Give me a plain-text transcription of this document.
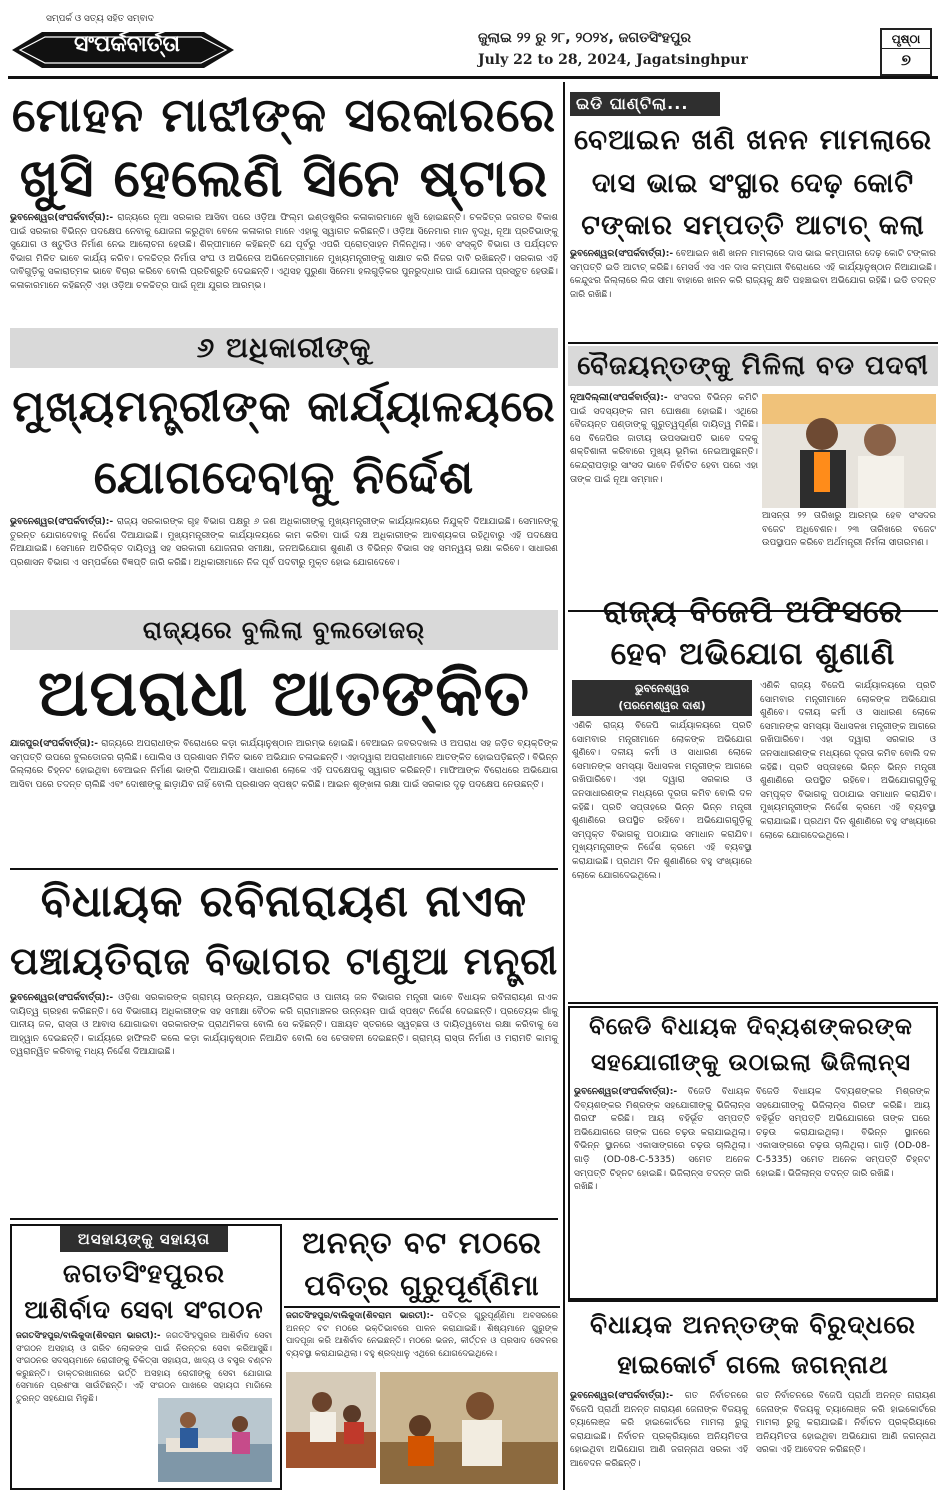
ସମ୍ପର୍କ ଓ ସତ୍ୟ ସହିତ ସମ୍ବାଦ
ସଂପର୍କବାର୍ତ୍ତା	ଜୁଲାଇ ୨୨ ରୁ ୨୮, ୨୦୨୪, ଜଗତସିଂହପୁର
July 22 to 28, 2024, Jagatsinghpur
ପୃଷ୍ଠା
୭
ମୋହନ ମାଝୀଙ୍କ ସରକାରରେ
ଖୁସି ହେଲେଣି ସିନେ ଷ୍ଟାର
ଭୁବନେଶ୍ୱର(ସଂପର୍କବାର୍ତ୍ତା):- ରାଜ୍ୟରେ ନୂଆ ସରକାର ଆସିବା ପରେ ଓଡ଼ିଆ ଫିଲ୍ମ ଇଣ୍ଡଷ୍ଟ୍ରିର କଳାକାରମାନେ ଖୁସି ହୋଇଛନ୍ତି। ଚଳଚ୍ଚିତ୍ର ଜଗତର ବିକାଶ ପାଇଁ ସରକାର ବିଭିନ୍ନ ପଦକ୍ଷେପ ନେବାକୁ ଯୋଜନା କରୁଥିବା ବେଳେ କଳାକାର ମାନେ ଏହାକୁ ସ୍ୱାଗତ କରିଛନ୍ତି। ଓଡ଼ିଆ ସିନେମାର ମାନ ବୃଦ୍ଧି, ନୂଆ ପ୍ରତିଭାଙ୍କୁ ସୁଯୋଗ ଓ ଷ୍ଟୁଡିଓ ନିର୍ମାଣ ନେଇ ଆଲୋଚନା ହେଉଛି। ଶିଳ୍ପୀମାନେ କହିଛନ୍ତି ଯେ ପୂର୍ବରୁ ଏପରି ପ୍ରୋତ୍ସାହନ ମିଳିନଥିଲା। ଏବେ ସଂସ୍କୃତି ବିଭାଗ ଓ ପର୍ଯ୍ୟଟନ ବିଭାଗ ମିଳିତ ଭାବେ କାର୍ଯ୍ୟ କରିବ। ଚଳଚ୍ଚିତ୍ର ନିର୍ମାତା ସଂଘ ଓ ଅଭିନେତା ଅଭିନେତ୍ରୀମାନେ ମୁଖ୍ୟମନ୍ତ୍ରୀଙ୍କୁ ସାକ୍ଷାତ କରି ନିଜର ଦାବି ରଖିଛନ୍ତି। ସରକାର ଏହି ଦାବିଗୁଡ଼ିକୁ ସକାରାତ୍ମକ ଭାବେ ବିଚାର କରିବେ ବୋଲି ପ୍ରତିଶ୍ରୁତି ଦେଇଛନ୍ତି। ଏଥିସହ ପୁରୁଣା ସିନେମା ହଲଗୁଡ଼ିକର ପୁନରୁଦ୍ଧାର ପାଇଁ ଯୋଜନା ପ୍ରସ୍ତୁତ ହେଉଛି। କଳାକାରମାନେ କହିଛନ୍ତି ଏହା ଓଡ଼ିଆ ଚଳଚ୍ଚିତ୍ର ପାଇଁ ନୂଆ ଯୁଗର ଆରମ୍ଭ।
୬ ଅଧିକାରୀଙ୍କୁ
ମୁଖ୍ୟମନ୍ତ୍ରୀଙ୍କ କାର୍ଯ୍ୟାଳୟରେ
ଯୋଗଦେବାକୁ ନିର୍ଦ୍ଦେଶ
ଭୁବନେଶ୍ୱର(ସଂପର୍କବାର୍ତ୍ତା):- ରାଜ୍ୟ ସରକାରଙ୍କ ଗୃହ ବିଭାଗ ପକ୍ଷରୁ ୬ ଜଣ ଅଧିକାରୀଙ୍କୁ ମୁଖ୍ୟମନ୍ତ୍ରୀଙ୍କ କାର୍ଯ୍ୟାଳୟରେ ନିଯୁକ୍ତି ଦିଆଯାଇଛି। ସେମାନଙ୍କୁ ତୁରନ୍ତ ଯୋଗଦେବାକୁ ନିର୍ଦ୍ଦେଶ ଦିଆଯାଇଛି। ମୁଖ୍ୟମନ୍ତ୍ରୀଙ୍କ କାର୍ଯ୍ୟାଳୟରେ କାମ କରିବା ପାଇଁ ଦକ୍ଷ ଅଧିକାରୀଙ୍କ ଆବଶ୍ୟକତା ରହିଥିବାରୁ ଏହି ପଦକ୍ଷେପ ନିଆଯାଇଛି। ସେମାନେ ଅତିରିକ୍ତ ଦାୟିତ୍ୱ ସହ ସରକାରୀ ଯୋଜନାର ସମୀକ୍ଷା, ଜନଅଭିଯୋଗ ଶୁଣାଣି ଓ ବିଭିନ୍ନ ବିଭାଗ ସହ ସମନ୍ୱୟ ରକ୍ଷା କରିବେ। ସାଧାରଣ ପ୍ରଶାସନ ବିଭାଗ ଏ ସମ୍ପର୍କରେ ବିଜ୍ଞପ୍ତି ଜାରି କରିଛି। ଅଧିକାରୀମାନେ ନିଜ ପୂର୍ବ ପଦବୀରୁ ମୁକ୍ତ ହୋଇ ଯୋଗଦେବେ।
ରାଜ୍ୟରେ ବୁଲିଲା ବୁଲଡୋଜର୍
ଅପରାଧୀ ଆତଙ୍କିତ
ଯାଜପୁର(ସଂପର୍କବାର୍ତ୍ତା):- ରାଜ୍ୟରେ ଅପରାଧୀଙ୍କ ବିରୋଧରେ କଡ଼ା କାର୍ଯ୍ୟାନୁଷ୍ଠାନ ଆରମ୍ଭ ହୋଇଛି। ବେଆଇନ ଜବରଦଖଲ ଓ ଅପରାଧ ସହ ଜଡ଼ିତ ବ୍ୟକ୍ତିଙ୍କ ସମ୍ପତ୍ତି ଉପରେ ବୁଲଡୋଜର ଚାଲିଛି। ପୋଲିସ ଓ ପ୍ରଶାସନ ମିଳିତ ଭାବେ ଅଭିଯାନ ଚଳାଇଛନ୍ତି। ଏହାଦ୍ୱାରା ଅପରାଧୀମାନେ ଆତଙ୍କିତ ହୋଇପଡ଼ିଛନ୍ତି। ବିଭିନ୍ନ ଜିଲ୍ଲାରେ ଚିହ୍ନଟ ହୋଇଥିବା ବେଆଇନ ନିର୍ମାଣ ଭାଙ୍ଗି ଦିଆଯାଉଛି। ସାଧାରଣ ଲୋକେ ଏହି ପଦକ୍ଷେପକୁ ସ୍ୱାଗତ କରିଛନ୍ତି। ମାଫିଆଙ୍କ ବିରୋଧରେ ଅଭିଯୋଗ ଆସିବା ପରେ ତଦନ୍ତ ଚାଲିଛି ଏବଂ ଦୋଷୀଙ୍କୁ ଛାଡ଼ାଯିବ ନାହିଁ ବୋଲି ପ୍ରଶାସନ ସ୍ପଷ୍ଟ କରିଛି। ଆଇନ ଶୃଙ୍ଖଳା ରକ୍ଷା ପାଇଁ ସରକାର ଦୃଢ଼ ପଦକ୍ଷେପ ନେଉଛନ୍ତି।
ବିଧାୟକ ରବିନାରାୟଣ ନାଏକ
ପଞ୍ଚାୟତିରାଜ ବିଭାଗର ଟାଣୁଆ ମନ୍ତ୍ରୀ
ଭୁବନେଶ୍ୱର(ସଂପର୍କବାର୍ତ୍ତା):- ଓଡ଼ିଶା ସରକାରଙ୍କ ଗ୍ରାମ୍ୟ ଉନ୍ନୟନ, ପଞ୍ଚାୟତିରାଜ ଓ ପାନୀୟ ଜଳ ବିଭାଗର ମନ୍ତ୍ରୀ ଭାବେ ବିଧାୟକ ରବିନାରାୟଣ ନାଏକ ଦାୟିତ୍ୱ ଗ୍ରହଣ କରିଛନ୍ତି। ସେ ବିଭାଗୀୟ ଅଧିକାରୀଙ୍କ ସହ ସମୀକ୍ଷା ବୈଠକ କରି ଗ୍ରାମାଞ୍ଚଳର ଉନ୍ନୟନ ପାଇଁ ସ୍ପଷ୍ଟ ନିର୍ଦ୍ଦେଶ ଦେଇଛନ୍ତି। ପ୍ରତ୍ୟେକ ଗାଁକୁ ପାନୀୟ ଜଳ, ରାସ୍ତା ଓ ଆବାସ ଯୋଗାଇବା ସରକାରଙ୍କ ପ୍ରାଥମିକତା ବୋଲି ସେ କହିଛନ୍ତି। ପଞ୍ଚାୟତ ସ୍ତରରେ ସ୍ୱଚ୍ଛତା ଓ ଦାୟିତ୍ୱବୋଧ ରକ୍ଷା କରିବାକୁ ସେ ଆହ୍ୱାନ ଦେଇଛନ୍ତି। କାର୍ଯ୍ୟରେ ହାଫିଲତି କଲେ କଡ଼ା କାର୍ଯ୍ୟାନୁଷ୍ଠାନ ନିଆଯିବ ବୋଲି ସେ ଚେତାବନୀ ଦେଇଛନ୍ତି। ଗ୍ରାମ୍ୟ ରାସ୍ତା ନିର୍ମାଣ ଓ ମରାମତି କାମକୁ ତ୍ୱରାନ୍ୱିତ କରିବାକୁ ମଧ୍ୟ ନିର୍ଦ୍ଦେଶ ଦିଆଯାଇଛି।
ଅସହାୟଙ୍କୁ ସହାୟତା
ଜଗତସିଂହପୁରର
ଆଶିର୍ବାଦ ସେବା ସଂଗଠନ
ଜଗତସିଂହପୁର/ବାଲିକୁଦା(ଶିବରାମ ଭାରତୀ):- ଜଗତସିଂହପୁରର ଆଶିର୍ବାଦ ସେବା ସଂଗଠନ ଅସହାୟ ଓ ଗରିବ ଲୋକଙ୍କ ପାଇଁ ନିରନ୍ତର ସେବା କରିଆସୁଛି। ସଂଗଠନର ସଦସ୍ୟମାନେ ରୋଗୀଙ୍କୁ ଚିକିତ୍ସା ସହାୟତା, ଖାଦ୍ୟ ଓ ବସ୍ତ୍ର ବଣ୍ଟନ କରୁଛନ୍ତି। ଡାକ୍ତରଖାନାରେ ଭର୍ତ୍ତି ଅସହାୟ ରୋଗୀଙ୍କୁ ସେବା ଯୋଗାଇ ସେମାନେ ପ୍ରଶଂସା ସାଉଁଟିଛନ୍ତି। ଏହି ସଂଗଠନ ପାଖରେ ସହାୟତା ମାଗିଲେ ତୁରନ୍ତ ସହଯୋଗ ମିଳୁଛି।
ଅନନ୍ତ ବଟ ମଠରେ
ପବିତ୍ର ଗୁରୁପୂର୍ଣ୍ଣିମା
ଜଗତସିଂହପୁର/ବାଲିକୁଦା(ଶିବରାମ ଭାରତୀ):- ପବିତ୍ର ଗୁରୁପୂର୍ଣ୍ଣିମା ଅବସରରେ ଅନନ୍ତ ବଟ ମଠରେ ଭକ୍ତିଭାବରେ ପାଳନ କରାଯାଇଛି। ଶିଷ୍ୟମାନେ ଗୁରୁଙ୍କ ପାଦପୂଜା କରି ଆଶିର୍ବାଦ ନେଇଛନ୍ତି। ମଠରେ ଭଜନ, କୀର୍ତ୍ତନ ଓ ପ୍ରସାଦ ସେବନର ବ୍ୟବସ୍ଥା କରାଯାଇଥିଲା। ବହୁ ଶ୍ରଦ୍ଧାଳୁ ଏଥିରେ ଯୋଗଦେଇଥିଲେ।
ଇଡି ଘାଣ୍ଟିଲା...
ବେଆଇନ ଖଣି ଖନନ ମାମଲାରେ
ଦାସ ଭାଇ ସଂସ୍ଥାର ଦେଢ଼ କୋଟି
ଟଙ୍କାର ସମ୍ପତ୍ତି ଆଟାଚ୍ କଲା
ଭୁବନେଶ୍ୱର(ସଂପର୍କବାର୍ତ୍ତା):- ବେଆଇନ ଖଣି ଖନନ ମାମଲାରେ ଦାସ ଭାଇ କମ୍ପାନୀର ଦେଢ଼ କୋଟି ଟଙ୍କାର ସମ୍ପତ୍ତି ଇଡି ଆଟାଚ୍ କରିଛି। ମେସର୍ସ ଏସ ଏନ ଦାସ କମ୍ପାନୀ ବିରୋଧରେ ଏହି କାର୍ଯ୍ୟାନୁଷ୍ଠାନ ନିଆଯାଇଛି। କେନ୍ଦୁଝର ଜିଲ୍ଲାରେ ଲିଜ ସୀମା ବାହାରେ ଖନନ କରି ରାଜ୍ୟକୁ କ୍ଷତି ପହଞ୍ଚାଇବା ଅଭିଯୋଗ ରହିଛି। ଇଡି ତଦନ୍ତ ଜାରି ରଖିଛି।
ବୈଜୟନ୍ତଙ୍କୁ ମିଳିଲା ବଡ ପଦବୀ
ନୂଆଦିଲ୍ଲୀ(ସଂପର୍କବାର୍ତ୍ତା):- ସଂସଦର ବିଭିନ୍ନ କମିଟି ପାଇଁ ସଦସ୍ୟଙ୍କ ନାମ ଘୋଷଣା ହୋଇଛି। ଏଥିରେ ବୈଜୟନ୍ତ ପଣ୍ଡାଙ୍କୁ ଗୁରୁତ୍ୱପୂର୍ଣ୍ଣ ଦାୟିତ୍ୱ ମିଳିଛି। ସେ ବିଜେପିର ଜାତୀୟ ଉପସଭାପତି ଭାବେ ଦଳକୁ ଶକ୍ତିଶାଳୀ କରିବାରେ ମୁଖ୍ୟ ଭୂମିକା ନେଇଆସୁଛନ୍ତି। କେନ୍ଦ୍ରାପଡ଼ାରୁ ସାଂସଦ ଭାବେ ନିର୍ବାଚିତ ହେବା ପରେ ଏହା ତାଙ୍କ ପାଇଁ ନୂଆ ସମ୍ମାନ।
ଆସନ୍ତା ୨୨ ତାରିଖରୁ ଆରମ୍ଭ ହେବ ସଂସଦର ବଜେଟ ଅଧିବେଶନ। ୨୩ ତାରିଖରେ ବଜେଟ ଉପସ୍ଥାପନ କରିବେ ଅର୍ଥମନ୍ତ୍ରୀ ନିର୍ମଳା ସୀତାରମଣ।
ରାଜ୍ୟ ବିଜେପି ଅଫିସରେ
ହେବ ଅଭିଯୋଗ ଶୁଣାଣି
ଭୁବନେଶ୍ୱର
(ପରମେଶ୍ୱର ଦାଶ)
ଏଣିକି ରାଜ୍ୟ ବିଜେପି କାର୍ଯ୍ୟାଳୟରେ ପ୍ରତି ସୋମବାର ମନ୍ତ୍ରୀମାନେ ଲୋକଙ୍କ ଅଭିଯୋଗ ଶୁଣିବେ। ଦଳୀୟ କର୍ମୀ ଓ ସାଧାରଣ ଲୋକେ ସେମାନଙ୍କ ସମସ୍ୟା ସିଧାସଳଖ ମନ୍ତ୍ରୀଙ୍କ ଆଗରେ ରଖିପାରିବେ। ଏହା ଦ୍ୱାରା ସରକାର ଓ ଜନସାଧାରଣଙ୍କ ମଧ୍ୟରେ ଦୂରତା କମିବ ବୋଲି ଦଳ କହିଛି। ପ୍ରତି ସପ୍ତାହରେ ଭିନ୍ନ ଭିନ୍ନ ମନ୍ତ୍ରୀ ଶୁଣାଣିରେ ଉପସ୍ଥିତ ରହିବେ। ଅଭିଯୋଗଗୁଡ଼ିକୁ ସମ୍ପୃକ୍ତ ବିଭାଗକୁ ପଠାଯାଇ ସମାଧାନ କରାଯିବ। ମୁଖ୍ୟମନ୍ତ୍ରୀଙ୍କ ନିର୍ଦ୍ଦେଶ କ୍ରମେ ଏହି ବ୍ୟବସ୍ଥା କରାଯାଇଛି। ପ୍ରଥମ ଦିନ ଶୁଣାଣିରେ ବହୁ ସଂଖ୍ୟାରେ ଲୋକେ ଯୋଗଦେଇଥିଲେ।
ଏଣିକି ରାଜ୍ୟ ବିଜେପି କାର୍ଯ୍ୟାଳୟରେ ପ୍ରତି ସୋମବାର ମନ୍ତ୍ରୀମାନେ ଲୋକଙ୍କ ଅଭିଯୋଗ ଶୁଣିବେ। ଦଳୀୟ କର୍ମୀ ଓ ସାଧାରଣ ଲୋକେ ସେମାନଙ୍କ ସମସ୍ୟା ସିଧାସଳଖ ମନ୍ତ୍ରୀଙ୍କ ଆଗରେ ରଖିପାରିବେ। ଏହା ଦ୍ୱାରା ସରକାର ଓ ଜନସାଧାରଣଙ୍କ ମଧ୍ୟରେ ଦୂରତା କମିବ ବୋଲି ଦଳ କହିଛି। ପ୍ରତି ସପ୍ତାହରେ ଭିନ୍ନ ଭିନ୍ନ ମନ୍ତ୍ରୀ ଶୁଣାଣିରେ ଉପସ୍ଥିତ ରହିବେ। ଅଭିଯୋଗଗୁଡ଼ିକୁ ସମ୍ପୃକ୍ତ ବିଭାଗକୁ ପଠାଯାଇ ସମାଧାନ କରାଯିବ। ମୁଖ୍ୟମନ୍ତ୍ରୀଙ୍କ ନିର୍ଦ୍ଦେଶ କ୍ରମେ ଏହି ବ୍ୟବସ୍ଥା କରାଯାଇଛି। ପ୍ରଥମ ଦିନ ଶୁଣାଣିରେ ବହୁ ସଂଖ୍ୟାରେ ଲୋକେ ଯୋଗଦେଇଥିଲେ।
ବିଜେଡି ବିଧାୟକ ଦିବ୍ୟଶଙ୍କରଙ୍କ
ସହଯୋଗୀଙ୍କୁ ଉଠାଇଲା ଭିଜିଲାନ୍ସ
ଭୁବନେଶ୍ୱର(ସଂପର୍କବାର୍ତ୍ତା):- ବିଜେଡି ବିଧାୟକ ଦିବ୍ୟଶଙ୍କର ମିଶ୍ରଙ୍କ ସହଯୋଗୀଙ୍କୁ ଭିଜିଲାନ୍ସ ଗିରଫ କରିଛି। ଆୟ ବହିର୍ଭୂତ ସମ୍ପତ୍ତି ଅଭିଯୋଗରେ ତାଙ୍କ ଘରେ ଚଢ଼ଉ କରାଯାଇଥିଲା। ବିଭିନ୍ନ ସ୍ଥାନରେ ଏକାସାଙ୍ଗରେ ଚଢ଼ଉ ଚାଲିଥିଲା। ଗାଡ଼ି (OD-08-C-5335) ସମେତ ଅନେକ ସମ୍ପତ୍ତି ଚିହ୍ନଟ ହୋଇଛି। ଭିଜିଲାନ୍ସ ତଦନ୍ତ ଜାରି ରଖିଛି।
ବିଜେଡି ବିଧାୟକ ଦିବ୍ୟଶଙ୍କର ମିଶ୍ରଙ୍କ ସହଯୋଗୀଙ୍କୁ ଭିଜିଲାନ୍ସ ଗିରଫ କରିଛି। ଆୟ ବହିର୍ଭୂତ ସମ୍ପତ୍ତି ଅଭିଯୋଗରେ ତାଙ୍କ ଘରେ ଚଢ଼ଉ କରାଯାଇଥିଲା। ବିଭିନ୍ନ ସ୍ଥାନରେ ଏକାସାଙ୍ଗରେ ଚଢ଼ଉ ଚାଲିଥିଲା। ଗାଡ଼ି (OD-08-C-5335) ସମେତ ଅନେକ ସମ୍ପତ୍ତି ଚିହ୍ନଟ ହୋଇଛି। ଭିଜିଲାନ୍ସ ତଦନ୍ତ ଜାରି ରଖିଛି।
ବିଧାୟକ ଅନନ୍ତଙ୍କ ବିରୁଦ୍ଧରେ
ହାଇକୋର୍ଟ ଗଲେ ଜଗନ୍ନାଥ
ଭୁବନେଶ୍ୱର(ସଂପର୍କବାର୍ତ୍ତା):- ଗତ ନିର୍ବାଚନରେ ବିଜେପି ପ୍ରାର୍ଥୀ ଅନନ୍ତ ନାରାୟଣ ଜେନାଙ୍କ ବିଜୟକୁ ଚ୍ୟାଲେଞ୍ଜ କରି ହାଇକୋର୍ଟରେ ମାମଲା ରୁଜୁ କରାଯାଇଛି। ନିର୍ବାଚନ ପ୍ରକ୍ରିୟାରେ ଅନିୟମିତତା ହୋଇଥିବା ଅଭିଯୋଗ ଆଣି ଜଗନ୍ନାଥ ସରକା ଏହି ଆବେଦନ କରିଛନ୍ତି।
ଗତ ନିର୍ବାଚନରେ ବିଜେପି ପ୍ରାର୍ଥୀ ଅନନ୍ତ ନାରାୟଣ ଜେନାଙ୍କ ବିଜୟକୁ ଚ୍ୟାଲେଞ୍ଜ କରି ହାଇକୋର୍ଟରେ ମାମଲା ରୁଜୁ କରାଯାଇଛି। ନିର୍ବାଚନ ପ୍ରକ୍ରିୟାରେ ଅନିୟମିତତା ହୋଇଥିବା ଅଭିଯୋଗ ଆଣି ଜଗନ୍ନାଥ ସରକା ଏହି ଆବେଦନ କରିଛନ୍ତି।
